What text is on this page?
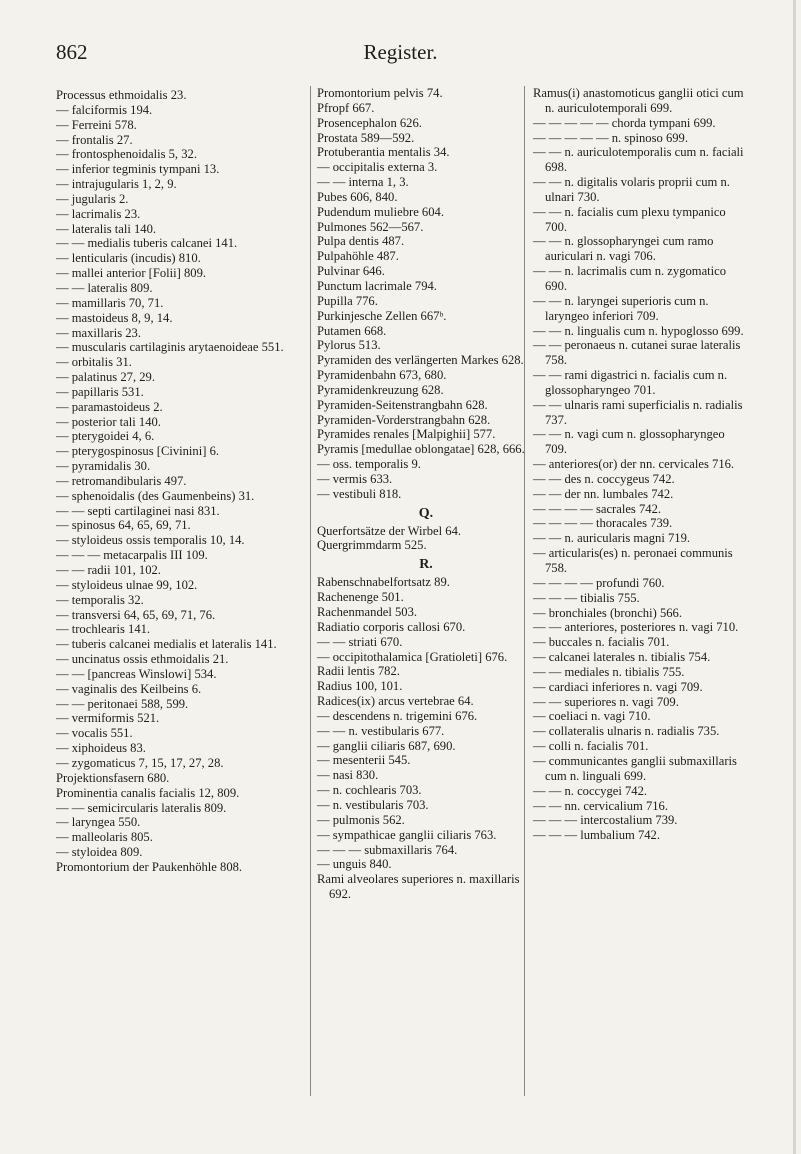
862	Register.

Processus ethmoidalis 23.

— falciformis 194.

— Ferreini 578.

— frontalis 27.

— frontosphenoidalis 5, 32.

— inferior tegminis tympani 13.

— intrajugularis 1, 2, 9.

— jugularis 2.

— lacrimalis 23.

— lateralis tali 140.

— — medialis tuberis calcanei 141.

— lenticularis (incudis) 810.

— mallei anterior [Folii] 809.

— — lateralis 809.

— mamillaris 70, 71.

— mastoideus 8, 9, 14.

— maxillaris 23.

— muscularis cartilaginis arytaenoideae 551.

— orbitalis 31.

— palatinus 27, 29.

— papillaris 531.

— paramastoideus 2.

— posterior tali 140.

— pterygoidei 4, 6.

— pterygospinosus [Civinini] 6.

— pyramidalis 30.

— retromandibularis 497.

— sphenoidalis (des Gaumenbeins) 31.

— — septi cartilaginei nasi 831.

— spinosus 64, 65, 69, 71.

— styloideus ossis temporalis 10, 14.

— — — metacarpalis III 109.

— — radii 101, 102.

— styloideus ulnae 99, 102.

— temporalis 32.

— transversi 64, 65, 69, 71, 76.

— trochlearis 141.

— tuberis calcanei medialis et lateralis 141.

— uncinatus ossis ethmoidalis 21.

— — [pancreas Winslowi] 534.

— vaginalis des Keilbeins 6.

— — peritonaei 588, 599.

— vermiformis 521.

— vocalis 551.

— xiphoideus 83.

— zygomaticus 7, 15, 17, 27, 28.

Projektionsfasern 680.

Prominentia canalis facialis 12, 809.

— — semicircularis lateralis 809.

— laryngea 550.

— malleolaris 805.

— styloidea 809.

Promontorium der Paukenhöhle 808.

Promontorium pelvis 74.

Pfropf 667.

Prosencephalon 626.

Prostata 589—592.

Protuberantia mentalis 34.

— occipitalis externa 3.

— — interna 1, 3.

Pubes 606, 840.

Pudendum muliebre 604.

Pulmones 562—567.

Pulpa dentis 487.

Pulpahöhle 487.

Pulvinar 646.

Punctum lacrimale 794.

Pupilla 776.

Purkinjesche Zellen 667ᵇ.

Putamen 668.

Pylorus 513.

Pyramiden des verlängerten Markes 628.

Pyramidenbahn 673, 680.

Pyramidenkreuzung 628.

Pyramiden-Seitenstrangbahn 628.

Pyramiden-Vorderstrangbahn 628.

Pyramides renales [Malpighii] 577.

Pyramis [medullae oblongatae] 628, 666.

— oss. temporalis 9.

— vermis 633.

— vestibuli 818.

Q.

Querfortsätze der Wirbel 64.

Quergrimmdarm 525.

R.

Rabenschnabelfortsatz 89.

Rachenenge 501.

Rachenmandel 503.

Radiatio corporis callosi 670.

— — striati 670.

— occipitothalamica [Gratioleti] 676.

Radii lentis 782.

Radius 100, 101.

Radices(ix) arcus vertebrae 64.

— descendens n. trigemini 676.

— — n. vestibularis 677.

— ganglii ciliaris 687, 690.

— mesenterii 545.

— nasi 830.

— n. cochlearis 703.

— n. vestibularis 703.

— pulmonis 562.

— sympathicae ganglii ciliaris 763.

— — — submaxillaris 764.

— unguis 840.

Rami alveolares superiores n. maxillaris 692.

Ramus(i) anastomoticus ganglii otici cum n. auriculotemporali 699.

— — — — — chorda tympani 699.

— — — — — n. spinoso 699.

— — n. auriculotemporalis cum n. faciali 698.

— — n. digitalis volaris proprii cum n. ulnari 730.

— — n. facialis cum plexu tympanico 700.

— — n. glossopharyngei cum ramo auriculari n. vagi 706.

— — n. lacrimalis cum n. zygomatico 690.

— — n. laryngei superioris cum n. laryngeo inferiori 709.

— — n. lingualis cum n. hypoglosso 699.

— — peronaeus n. cutanei surae lateralis 758.

— — rami digastrici n. facialis cum n. glossopharyngeo 701.

— — ulnaris rami superficialis n. radialis 737.

— — n. vagi cum n. glossopharyngeo 709.

— anteriores(or) der nn. cervicales 716.

— — des n. coccygeus 742.

— — der nn. lumbales 742.

— — — — sacrales 742.

— — — — thoracales 739.

— — n. auricularis magni 719.

— articularis(es) n. peronaei communis 758.

— — — — profundi 760.

— — — tibialis 755.

— bronchiales (bronchi) 566.

— — anteriores, posteriores n. vagi 710.

— buccales n. facialis 701.

— calcanei laterales n. tibialis 754.

— — mediales n. tibialis 755.

— cardiaci inferiores n. vagi 709.

— — superiores n. vagi 709.

— coeliaci n. vagi 710.

— collateralis ulnaris n. radialis 735.

— colli n. facialis 701.

— communicantes ganglii submaxillaris cum n. linguali 699.

— — n. coccygei 742.

— — nn. cervicalium 716.

— — — intercostalium 739.

— — — lumbalium 742.
